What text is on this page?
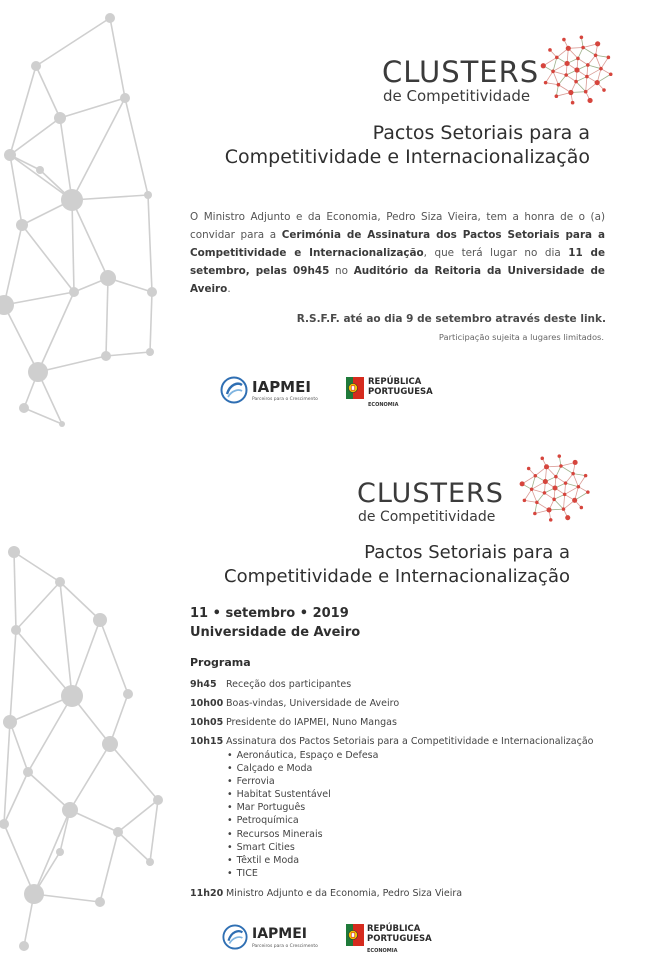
CLUSTERS
de Competitividade
Pactos Setoriais para a
Competitividade e Internacionalização
O Ministro Adjunto e da Economia, Pedro Siza Vieira, tem a honra de o (a) convidar para a Cerimónia de Assinatura dos Pactos Setoriais para a Competitividade e Internacionalização, que terá lugar no dia 11 de setembro, pelas 09h45 no Auditório da Reitoria da Universidade de Aveiro.
R.S.F.F. até ao dia 9 de setembro através deste link.
Participação sujeita a lugares limitados.
IAPMEI
Parceiros para o Crescimento
REPÚBLICA
PORTUGUESA
ECONOMIA
CLUSTERS
de Competitividade
Pactos Setoriais para a
Competitividade e Internacionalização
11 • setembro • 2019
Universidade de Aveiro
Programa
9h45 Receção dos participantes
10h00 Boas-vindas, Universidade de Aveiro
10h05 Presidente do IAPMEI, Nuno Mangas
10h15 Assinatura dos Pactos Setoriais para a Competitividade e Internacionalização
• Aeronáutica, Espaço e Defesa
• Calçado e Moda
• Ferrovia
• Habitat Sustentável
• Mar Português
• Petroquímica
• Recursos Minerais
• Smart Cities
• Têxtil e Moda
• TICE
11h20 Ministro Adjunto e da Economia, Pedro Siza Vieira
IAPMEI
Parceiros para o Crescimento
REPÚBLICA
PORTUGUESA
ECONOMIA
